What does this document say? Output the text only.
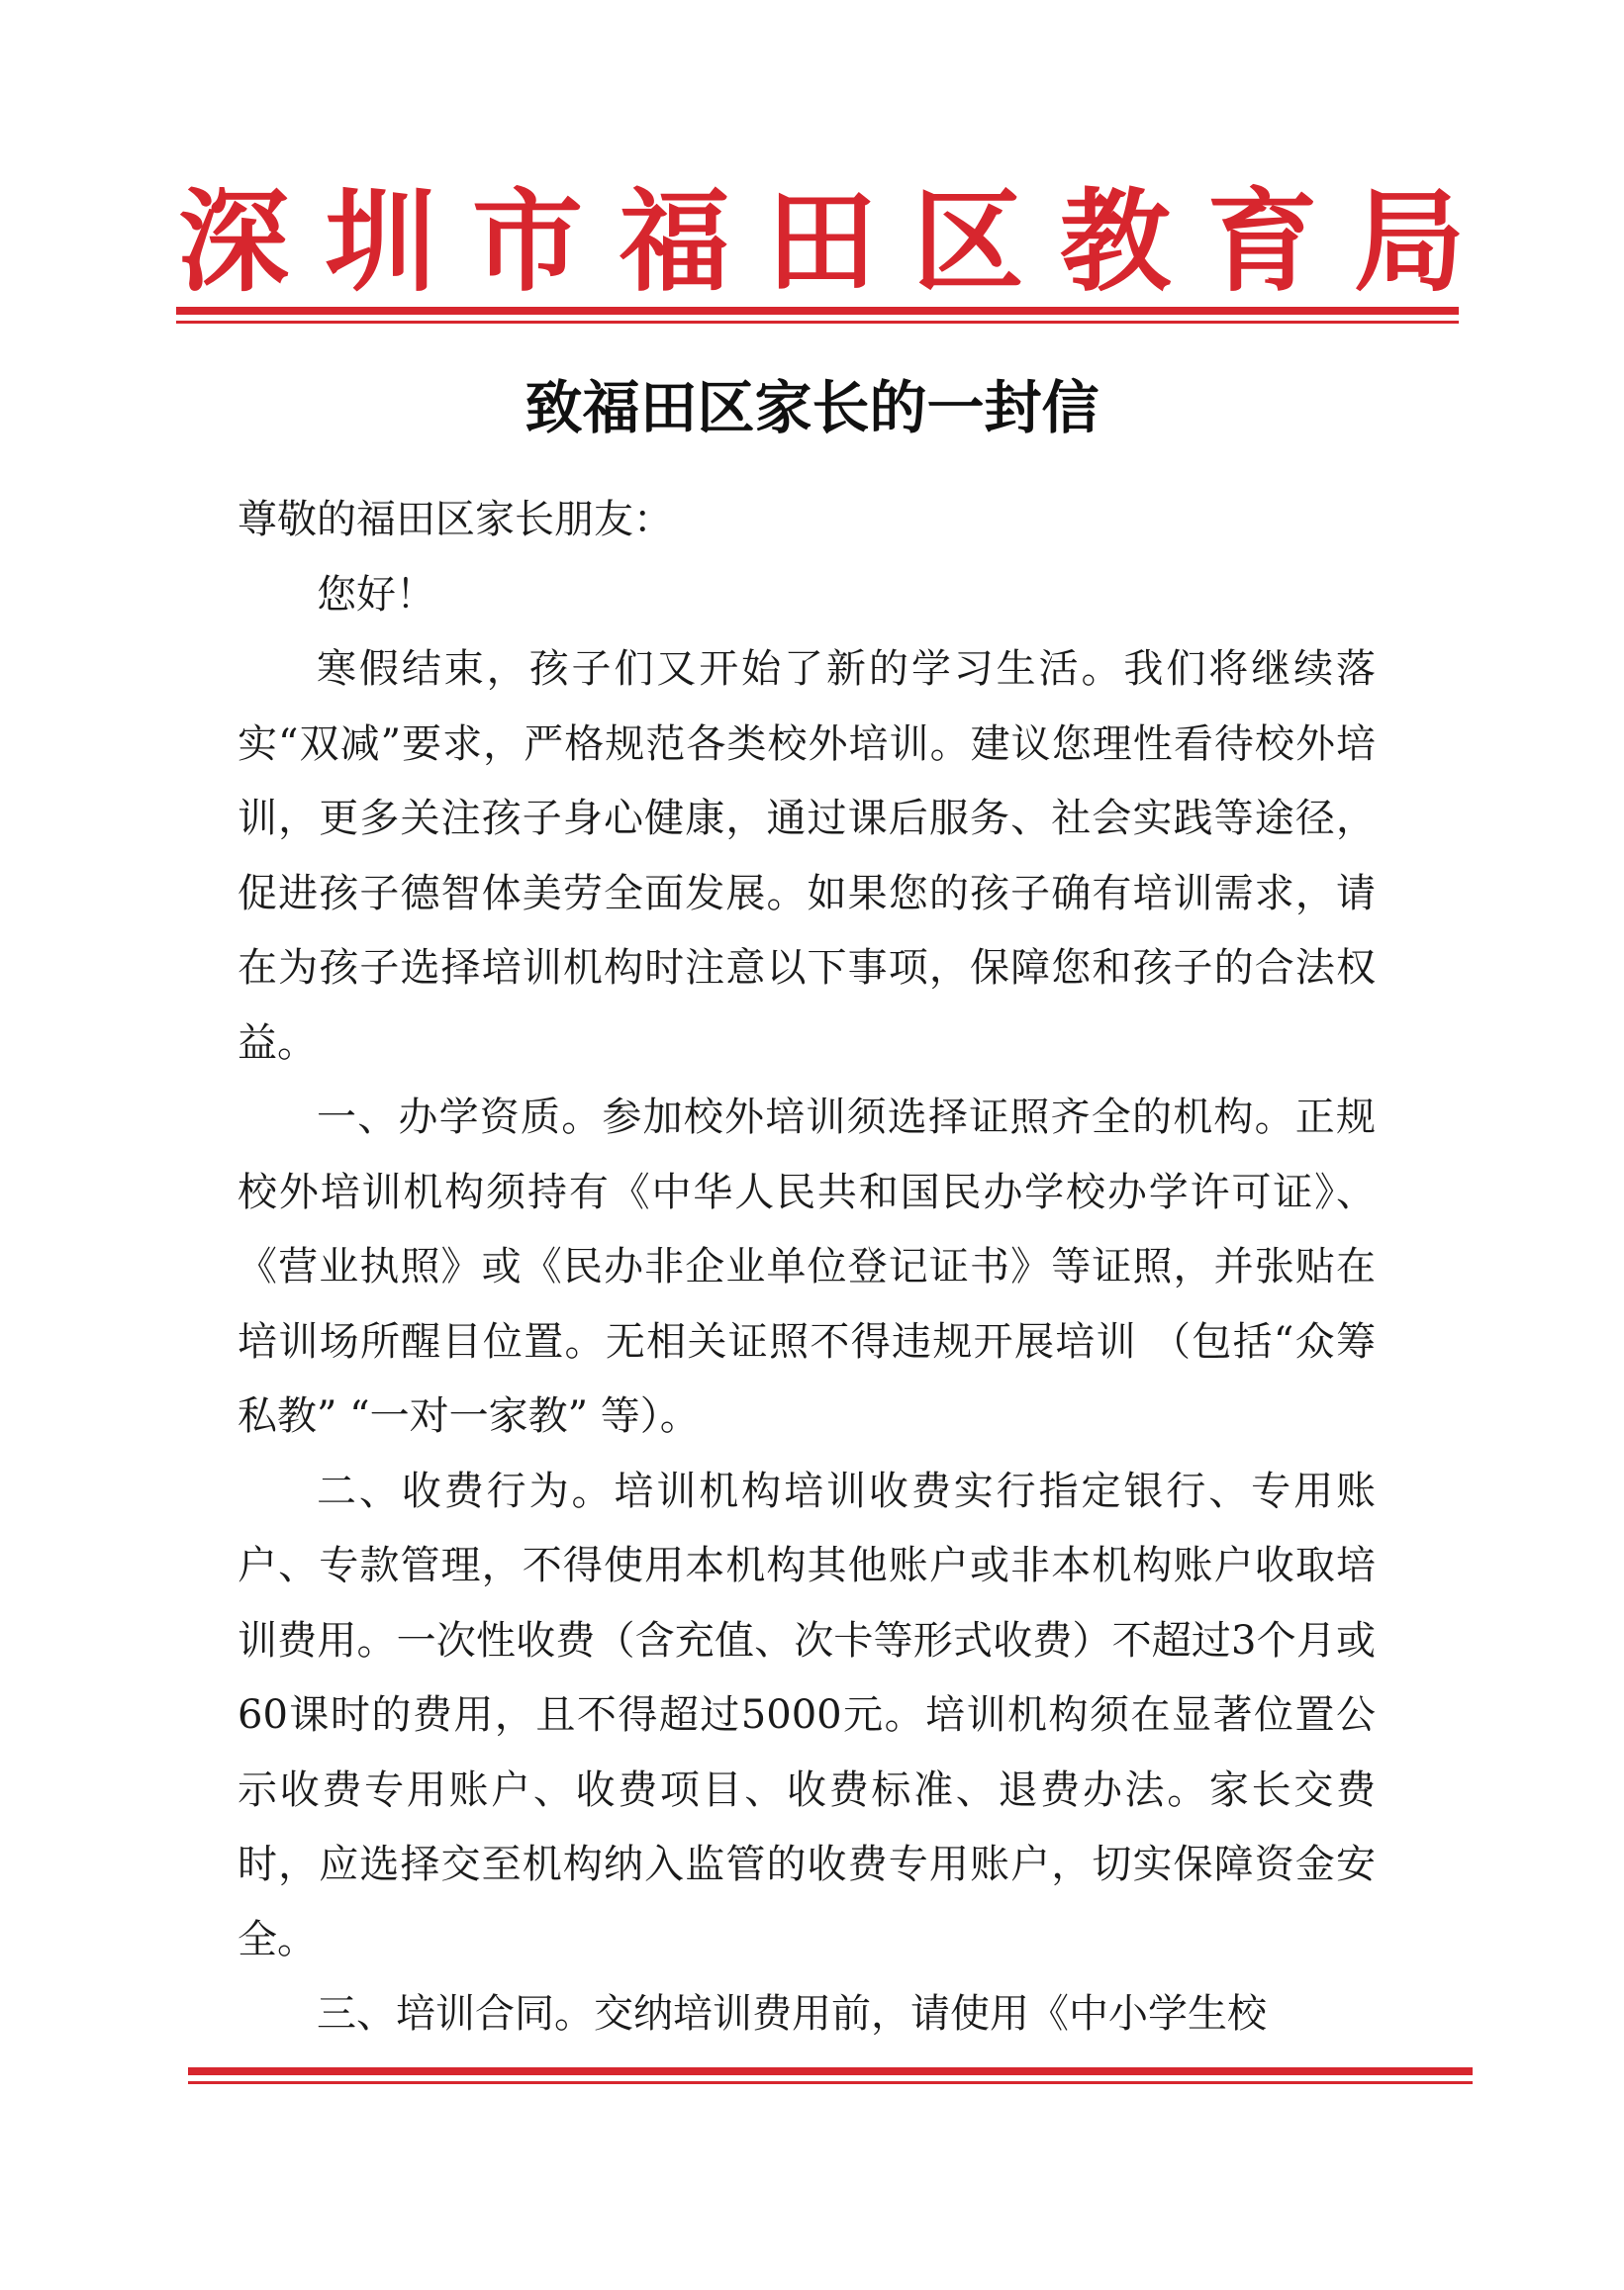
深 圳 市 福 田 区 教 育 局
致福田区家长的一封信

尊敬的福田区家长朋友：

您好！

寒假结束，孩子们又开始了新的学习生活。我们将继续落实“双减”要求，严格规范各类校外培训。建议您理性看待校外培训，更多关注孩子身心健康，通过课后服务、社会实践等途径，促进孩子德智体美劳全面发展。如果您的孩子确有培训需求，请在为孩子选择培训机构时注意以下事项，保障您和孩子的合法权益。

一、办学资质。参加校外培训须选择证照齐全的机构。正规校外培训机构须持有《中华人民共和国民办学校办学许可证》、《营业执照》或《民办非企业单位登记证书》等证照，并张贴在培训场所醒目位置。无相关证照不得违规开展培训 （包括“众筹私教” “一对一家教” 等）。

二、收费行为。培训机构培训收费实行指定银行、专用账户、专款管理，不得使用本机构其他账户或非本机构账户收取培训费用。一次性收费（含充值、次卡等形式收费）不超过3个月或60课时的费用，且不得超过5000元。培训机构须在显著位置公示收费专用账户、收费项目、收费标准、退费办法。家长交费时，应选择交至机构纳入监管的收费专用账户，切实保障资金安全。

三、培训合同。交纳培训费用前，请使用《中小学生校
